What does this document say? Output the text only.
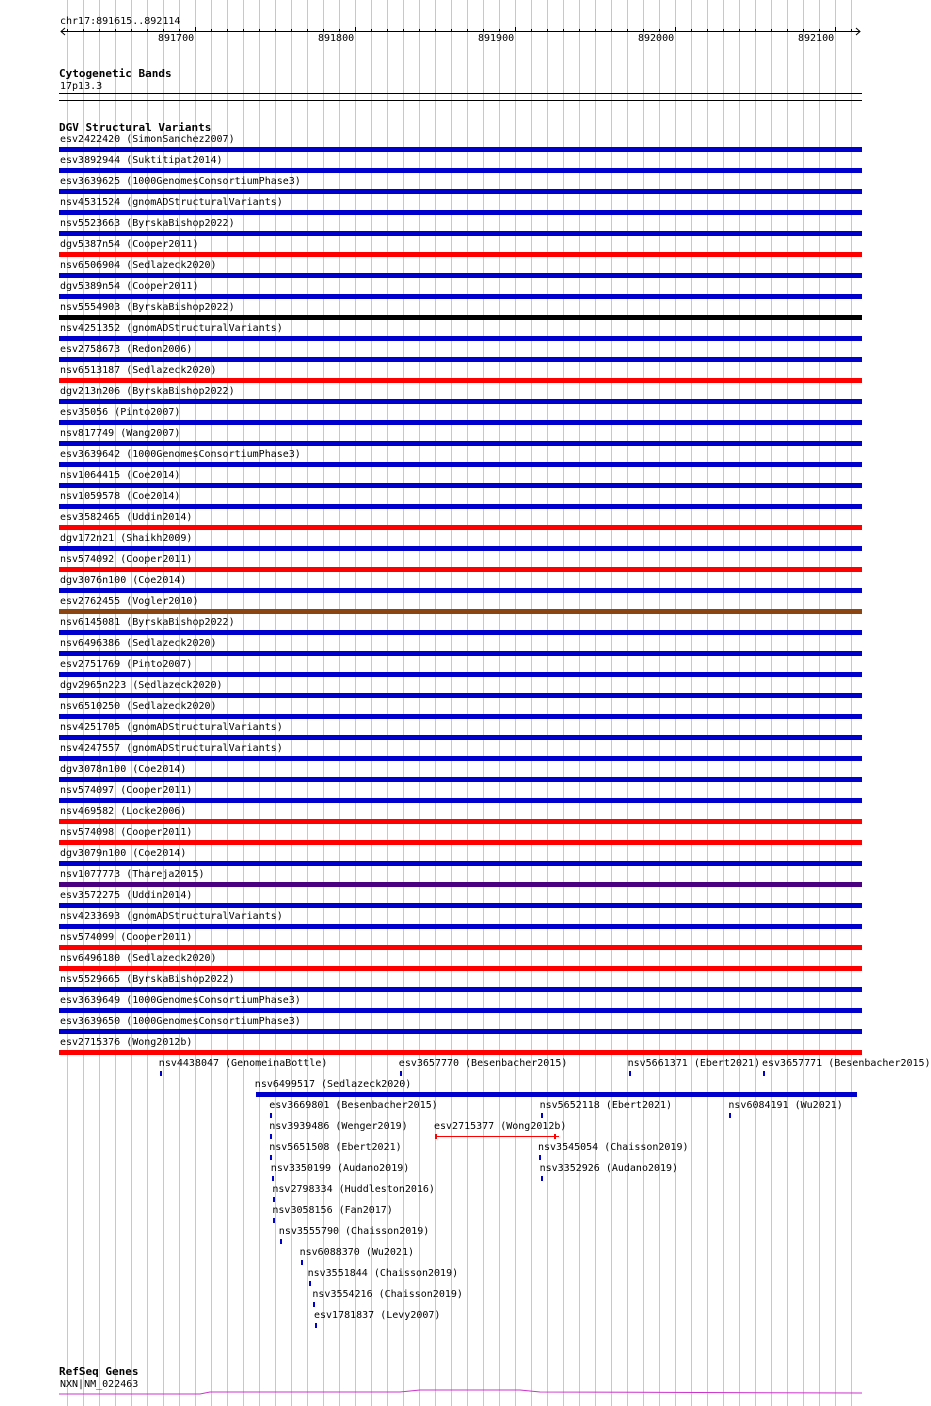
chr17:891615..892114
891700	891800	891900	892000	892100
Cytogenetic Bands
17p13.3
DGV Structural Variants
esv2422420 (SimonSanchez2007)
esv3892944 (Suktitipat2014)
esv3639625 (1000GenomesConsortiumPhase3)
nsv4531524 (gnomADStructuralVariants)
nsv5523663 (ByrskaBishop2022)
dgv5387n54 (Cooper2011)
nsv6506904 (Sedlazeck2020)
dgv5389n54 (Cooper2011)
nsv5554903 (ByrskaBishop2022)
nsv4251352 (gnomADStructuralVariants)
esv2758673 (Redon2006)
nsv6513187 (Sedlazeck2020)
dgv213n206 (ByrskaBishop2022)
esv35056 (Pinto2007)
nsv817749 (Wang2007)
esv3639642 (1000GenomesConsortiumPhase3)
nsv1064415 (Coe2014)
nsv1059578 (Coe2014)
esv3582465 (Uddin2014)
dgv172n21 (Shaikh2009)
nsv574092 (Cooper2011)
dgv3076n100 (Coe2014)
esv2762455 (Vogler2010)
nsv6145081 (ByrskaBishop2022)
nsv6496386 (Sedlazeck2020)
esv2751769 (Pinto2007)
dgv2965n223 (Sedlazeck2020)
nsv6510250 (Sedlazeck2020)
nsv4251705 (gnomADStructuralVariants)
nsv4247557 (gnomADStructuralVariants)
dgv3078n100 (Coe2014)
nsv574097 (Cooper2011)
nsv469582 (Locke2006)
nsv574098 (Cooper2011)
dgv3079n100 (Coe2014)
nsv1077773 (Thareja2015)
esv3572275 (Uddin2014)
nsv4233693 (gnomADStructuralVariants)
nsv574099 (Cooper2011)
nsv6496180 (Sedlazeck2020)
nsv5529665 (ByrskaBishop2022)
esv3639649 (1000GenomesConsortiumPhase3)
esv3639650 (1000GenomesConsortiumPhase3)
esv2715376 (Wong2012b)
nsv4438047 (GenomeinaBottle)	esv3657770 (Besenbacher2015)	nsv5661371 (Ebert2021) esv3657771 (Besenbacher2015)
nsv6499517 (Sedlazeck2020)
esv3669801 (Besenbacher2015)	nsv5652118 (Ebert2021)	nsv6084191 (Wu2021)
nsv3939486 (Wenger2019)	esv2715377 (Wong2012b)
nsv5651508 (Ebert2021)	nsv3545054 (Chaisson2019)
nsv3350199 (Audano2019)	nsv3352926 (Audano2019)
nsv2798334 (Huddleston2016)
nsv3058156 (Fan2017)
nsv3555790 (Chaisson2019)
nsv6088370 (Wu2021)
nsv3551844 (Chaisson2019)
nsv3554216 (Chaisson2019)
esv1781837 (Levy2007)
RefSeq Genes
NXN|NM_022463
